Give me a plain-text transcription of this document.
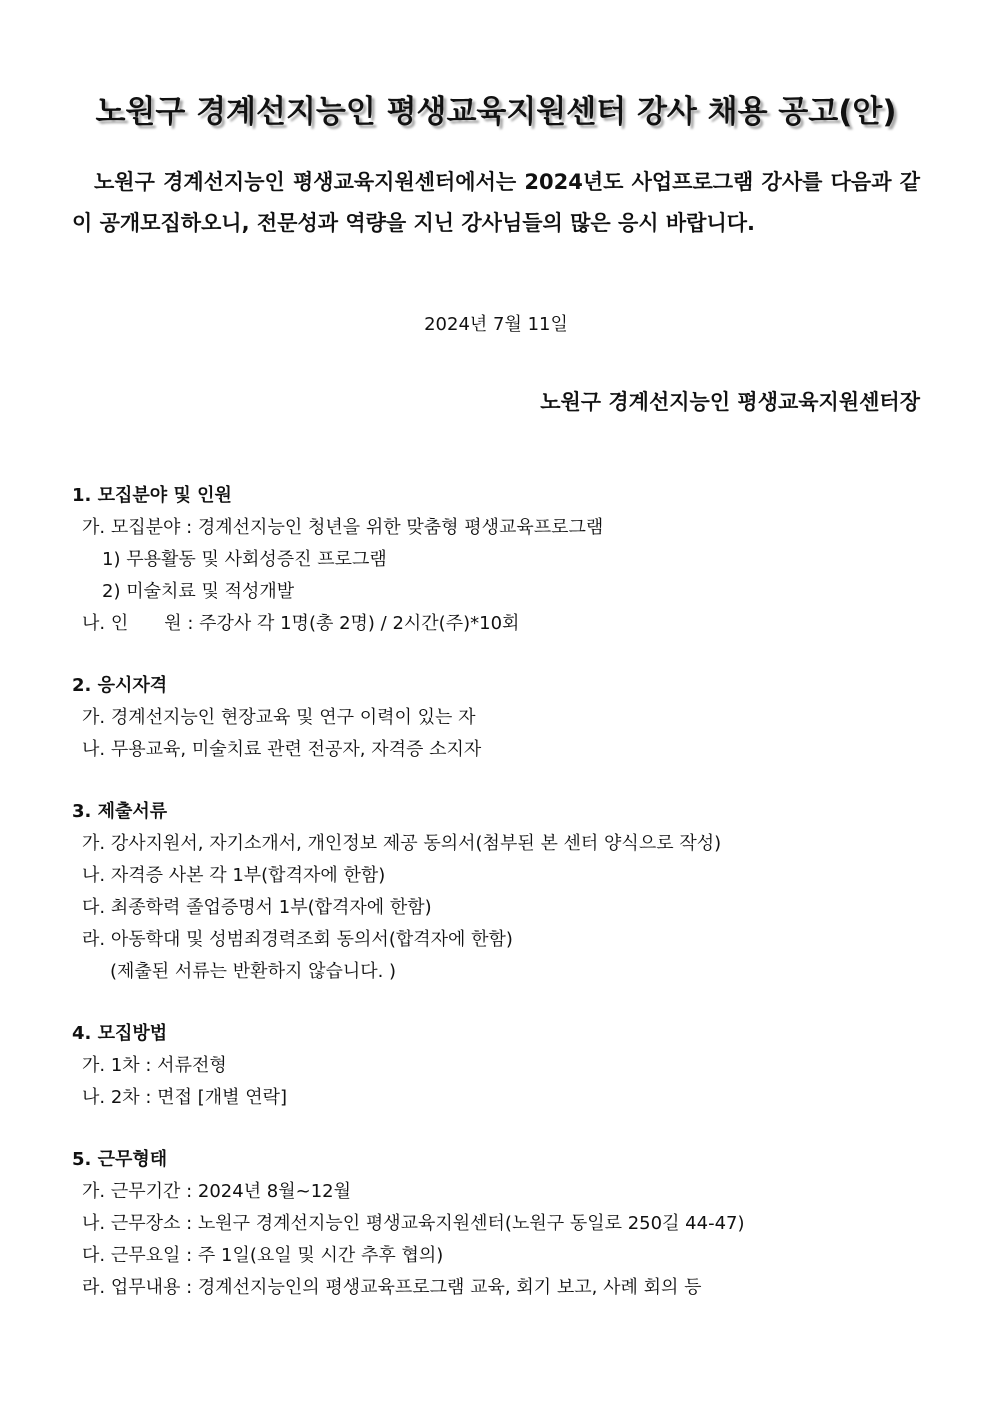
노원구 경계선지능인 평생교육지원센터 강사 채용 공고(안)
노원구 경계선지능인 평생교육지원센터에서는 2024년도 사업프로그램 강사를 다음과 같이 공개모집하오니, 전문성과 역량을 지닌 강사님들의 많은 응시 바랍니다.
2024년 7월 11일
노원구 경계선지능인 평생교육지원센터장
1. 모집분야 및 인원
가. 모집분야 : 경계선지능인 청년을 위한 맞춤형 평생교육프로그램
1) 무용활동 및 사회성증진 프로그램
2) 미술치료 및 적성개발
나. 인　　원 : 주강사 각 1명(총 2명) / 2시간(주)*10회
2. 응시자격
가. 경계선지능인 현장교육 및 연구 이력이 있는 자
나. 무용교육, 미술치료 관련 전공자, 자격증 소지자
3. 제출서류
가. 강사지원서, 자기소개서, 개인정보 제공 동의서(첨부된 본 센터 양식으로 작성)
나. 자격증 사본 각 1부(합격자에 한함)
다. 최종학력 졸업증명서 1부(합격자에 한함)
라. 아동학대 및 성범죄경력조회 동의서(합격자에 한함)
(제출된 서류는 반환하지 않습니다. )
4. 모집방법
가. 1차 : 서류전형
나. 2차 : 면접 [개별 연락]
5. 근무형태
가. 근무기간 : 2024년 8월~12월
나. 근무장소 : 노원구 경계선지능인 평생교육지원센터(노원구 동일로 250길 44-47)
다. 근무요일 : 주 1일(요일 및 시간 추후 협의)
라. 업무내용 : 경계선지능인의 평생교육프로그램 교육, 회기 보고, 사례 회의 등
